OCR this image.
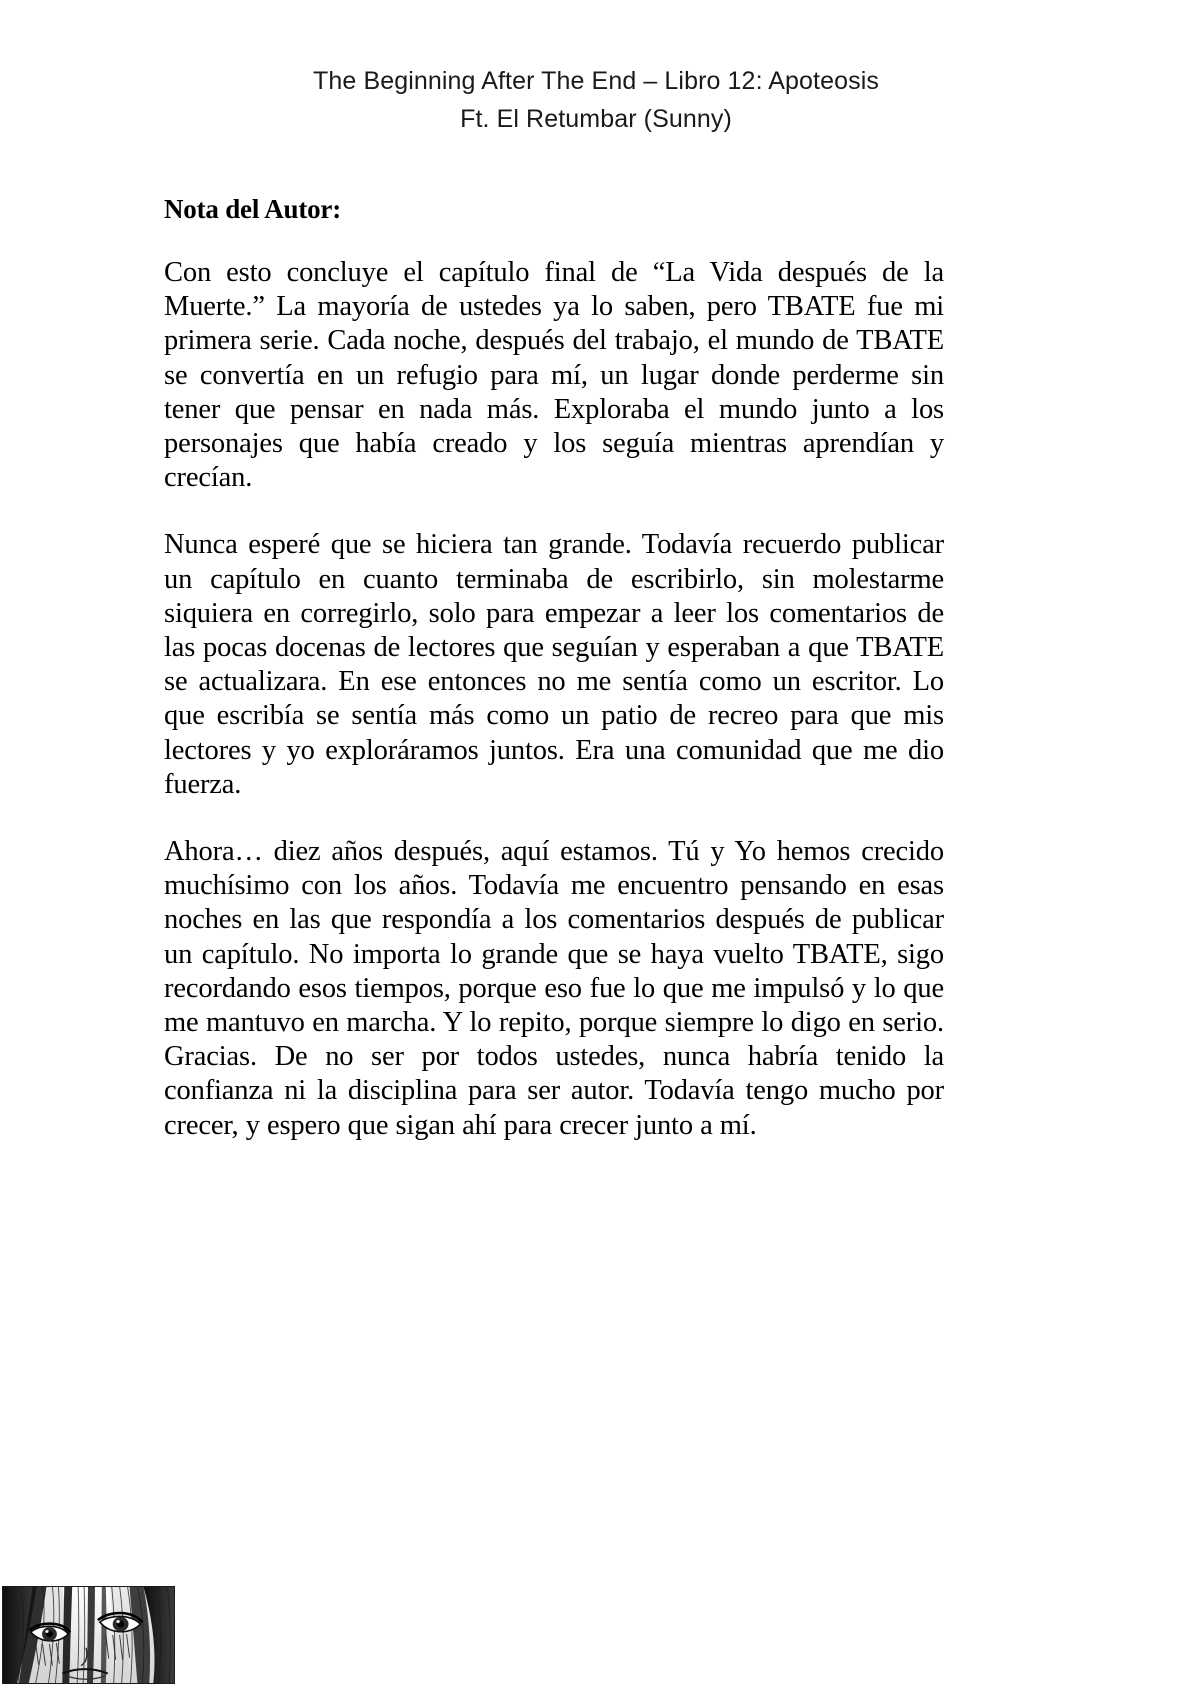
The Beginning After The End – Libro 12: Apoteosis
Ft. El Retumbar (Sunny)
Nota del Autor:

Con esto concluye el capítulo final de “La Vida después de la Muerte.” La mayoría de ustedes ya lo saben, pero TBATE fue mi primera serie. Cada noche, después del trabajo, el mundo de TBATE se convertía en un refugio para mí, un lugar donde perderme sin tener que pensar en nada más. Exploraba el mundo junto a los personajes que había creado y los seguía mientras aprendían y crecían.

Nunca esperé que se hiciera tan grande. Todavía recuerdo publicar un capítulo en cuanto terminaba de escribirlo, sin molestarme siquiera en corregirlo, solo para empezar a leer los comentarios de las pocas docenas de lectores que seguían y esperaban a que TBATE se actualizara. En ese entonces no me sentía como un escritor. Lo que escribía se sentía más como un patio de recreo para que mis lectores y yo exploráramos juntos. Era una comunidad que me dio fuerza.

Ahora… diez años después, aquí estamos. Tú y Yo hemos crecido muchísimo con los años. Todavía me encuentro pensando en esas noches en las que respondía a los comentarios después de publicar un capítulo. No importa lo grande que se haya vuelto TBATE, sigo recordando esos tiempos, porque eso fue lo que me impulsó y lo que me mantuvo en marcha. Y lo repito, porque siempre lo digo en serio. Gracias. De no ser por todos ustedes, nunca habría tenido la confianza ni la disciplina para ser autor. Todavía tengo mucho por crecer, y espero que sigan ahí para crecer junto a mí.
